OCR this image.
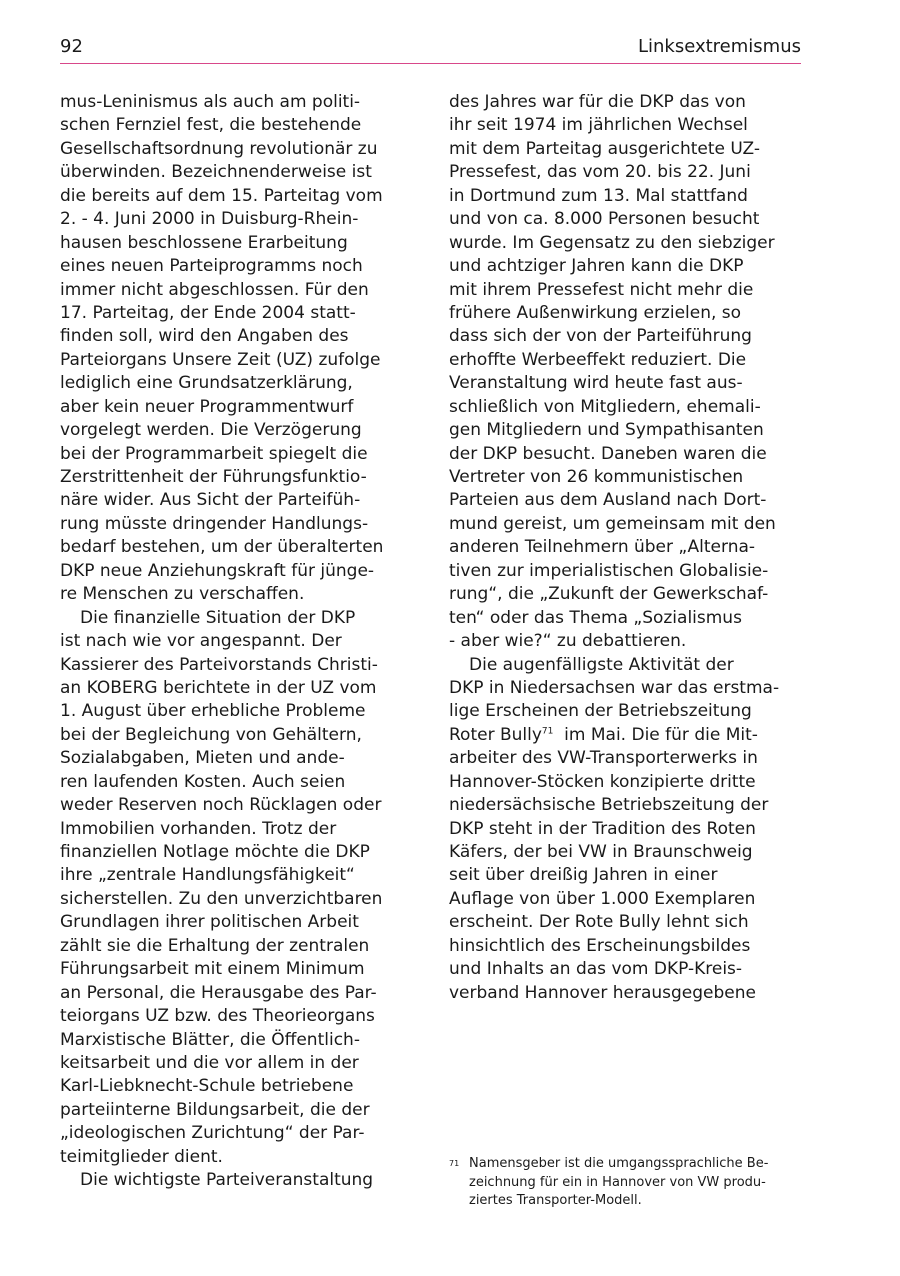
92	Linksextremismus
mus-Leninismus als auch am politi-
schen Fernziel fest, die bestehende
Gesellschaftsordnung revolutionär zu
überwinden. Bezeichnenderweise ist
die bereits auf dem 15. Parteitag vom
2. - 4. Juni 2000 in Duisburg-Rhein-
hausen beschlossene Erarbeitung
eines neuen Parteiprogramms noch
immer nicht abgeschlossen. Für den
17. Parteitag, der Ende 2004 statt-
finden soll, wird den Angaben des
Parteiorgans Unsere Zeit (UZ) zufolge
lediglich eine Grundsatzerklärung,
aber kein neuer Programmentwurf
vorgelegt werden. Die Verzögerung
bei der Programmarbeit spiegelt die
Zerstrittenheit der Führungsfunktio-
näre wider. Aus Sicht der Parteifüh-
rung müsste dringender Handlungs-
bedarf bestehen, um der überalterten
DKP neue Anziehungskraft für jünge-
re Menschen zu verschaffen.
Die finanzielle Situation der DKP
ist nach wie vor angespannt. Der
Kassierer des Parteivorstands Christi-
an KOBERG berichtete in der UZ vom
1. August über erhebliche Probleme
bei der Begleichung von Gehältern,
Sozialabgaben, Mieten und ande-
ren laufenden Kosten. Auch seien
weder Reserven noch Rücklagen oder
Immobilien vorhanden. Trotz der
finanziellen Notlage möchte die DKP
ihre „zentrale Handlungsfähigkeit“
sicherstellen. Zu den unverzichtbaren
Grundlagen ihrer politischen Arbeit
zählt sie die Erhaltung der zentralen
Führungsarbeit mit einem Minimum
an Personal, die Herausgabe des Par-
teiorgans UZ bzw. des Theorieorgans
Marxistische Blätter, die Öffentlich-
keitsarbeit und die vor allem in der
Karl-Liebknecht-Schule betriebene
parteiinterne Bildungsarbeit, die der
„ideologischen Zurichtung“ der Par-
teimitglieder dient.
Die wichtigste Parteiveranstaltung
des Jahres war für die DKP das von
ihr seit 1974 im jährlichen Wechsel
mit dem Parteitag ausgerichtete UZ-
Pressefest, das vom 20. bis 22. Juni
in Dortmund zum 13. Mal stattfand
und von ca. 8.000 Personen besucht
wurde. Im Gegensatz zu den siebziger
und achtziger Jahren kann die DKP
mit ihrem Pressefest nicht mehr die
frühere Außenwirkung erzielen, so
dass sich der von der Parteiführung
erhoffte Werbeeffekt reduziert. Die
Veranstaltung wird heute fast aus-
schließlich von Mitgliedern, ehemali-
gen Mitgliedern und Sympathisanten
der DKP besucht. Daneben waren die
Vertreter von 26 kommunistischen
Parteien aus dem Ausland nach Dort-
mund gereist, um gemeinsam mit den
anderen Teilnehmern über „Alterna-
tiven zur imperialistischen Globalisie-
rung“, die „Zukunft der Gewerkschaf-
ten“ oder das Thema „Sozialismus
- aber wie?“ zu debattieren.
Die augenfälligste Aktivität der
DKP in Niedersachsen war das erstma-
lige Erscheinen der Betriebszeitung
Roter Bully$^{71}$  im Mai. Die für die Mit-
arbeiter des VW-Transporterwerks in
Hannover-Stöcken konzipierte dritte
niedersächsische Betriebszeitung der
DKP steht in der Tradition des Roten
Käfers, der bei VW in Braunschweig
seit über dreißig Jahren in einer
Auflage von über 1.000 Exemplaren
erscheint. Der Rote Bully lehnt sich
hinsichtlich des Erscheinungsbildes
und Inhalts an das vom DKP-Kreis-
verband Hannover herausgegebene
71 Namensgeber ist die umgangssprachliche Be-
zeichnung für ein in Hannover von VW produ-
ziertes Transporter-Modell.
